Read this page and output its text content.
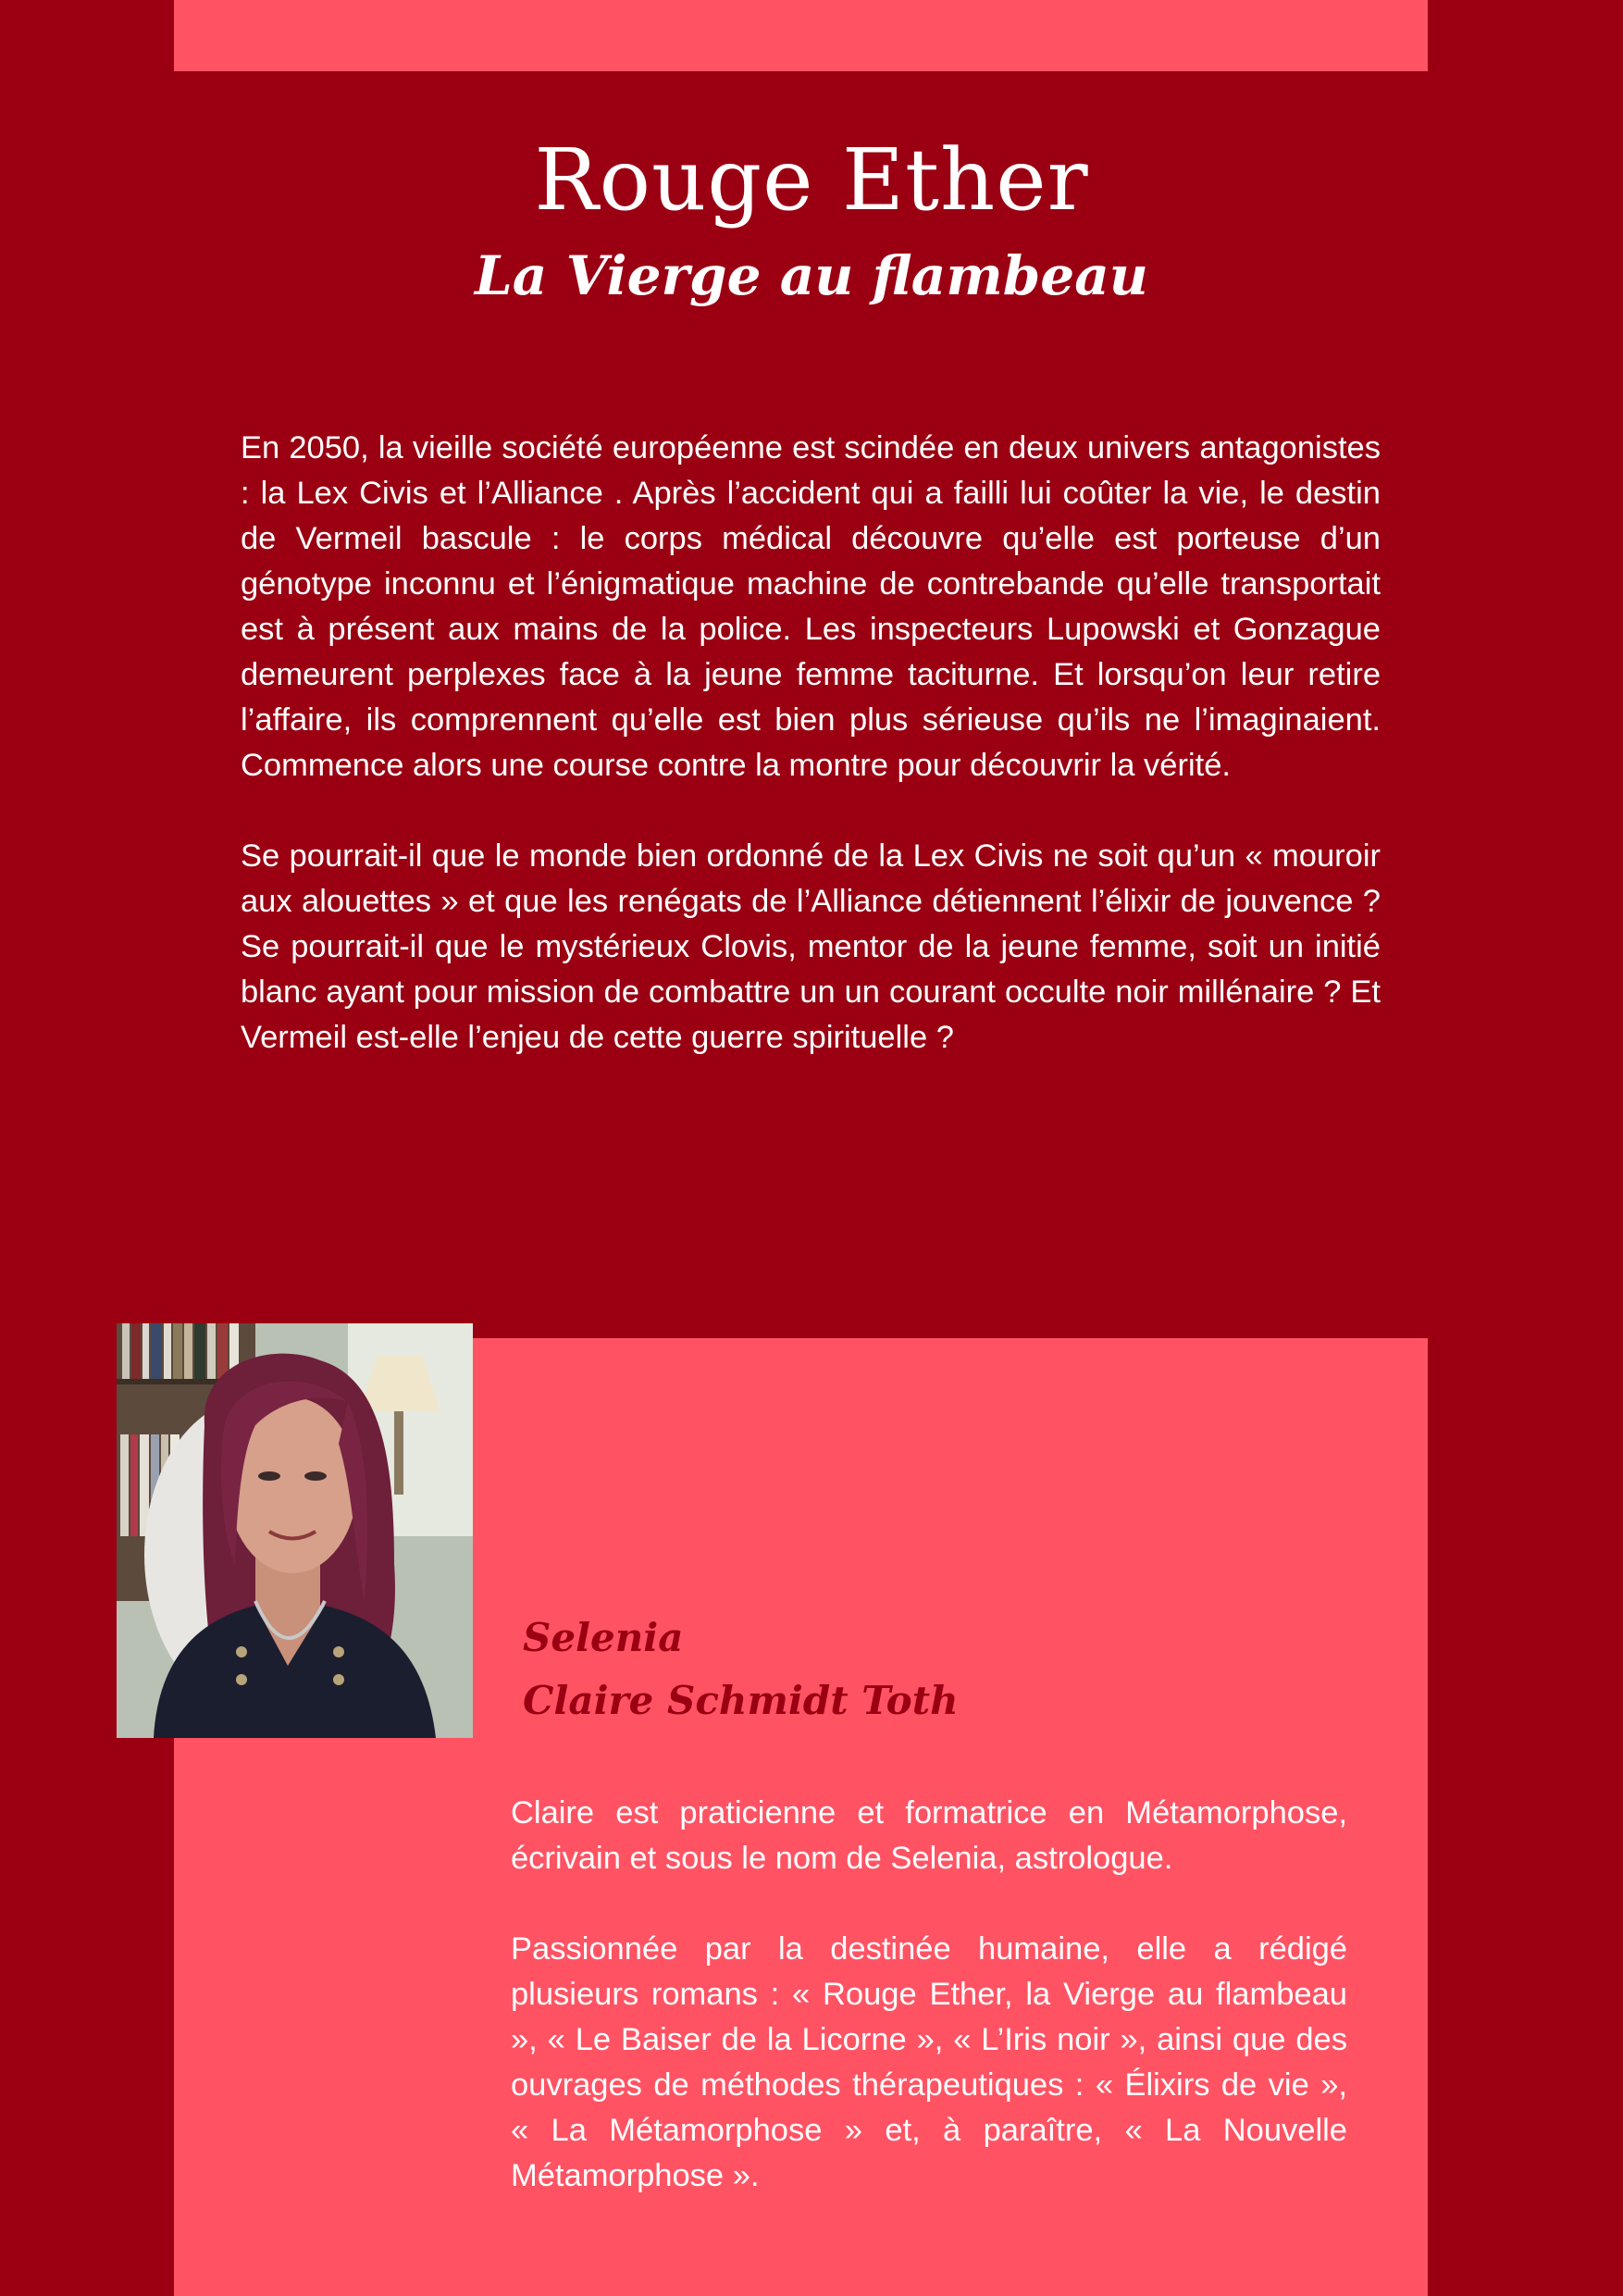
Rouge Ether
La Vierge au flambeau

En 2050, la vieille société européenne est scindée en deux univers antagonistes : la Lex Civis et l’Alliance . Après l’accident qui a failli lui coûter la vie, le destin de Vermeil bascule : le corps médical découvre qu’elle est porteuse d’un génotype inconnu et l’énigmatique machine de contrebande qu’elle transportait est à présent aux mains de la police. Les inspecteurs Lupowski et Gonzague demeurent perplexes face à la jeune femme taciturne. Et lorsqu’on leur retire l’affaire, ils comprennent qu’elle est bien plus sérieuse qu’ils ne l’imaginaient. Commence alors une course contre la montre pour découvrir la vérité.

Se pourrait-il que le monde bien ordonné de la Lex Civis ne soit qu’un « mouroir aux alouettes » et que les renégats de l’Alliance détiennent l’élixir de jouvence ? Se pourrait-il que le mystérieux Clovis, mentor de la jeune femme, soit un initié blanc ayant pour mission de combattre un un courant occulte noir millénaire ? Et Vermeil est-elle l’enjeu de cette guerre spirituelle ?

Selenia
Claire Schmidt Toth

Claire est praticienne et formatrice en Métamorphose, écrivain et sous le nom de Selenia, astrologue.

Passionnée par la destinée humaine, elle a rédigé plusieurs romans : « Rouge Ether, la Vierge au flambeau », « Le Baiser de la Licorne », « L’Iris noir », ainsi que des ouvrages de méthodes thérapeutiques : « Élixirs de vie », « La Métamorphose » et, à paraître, « La Nouvelle Métamorphose ».
